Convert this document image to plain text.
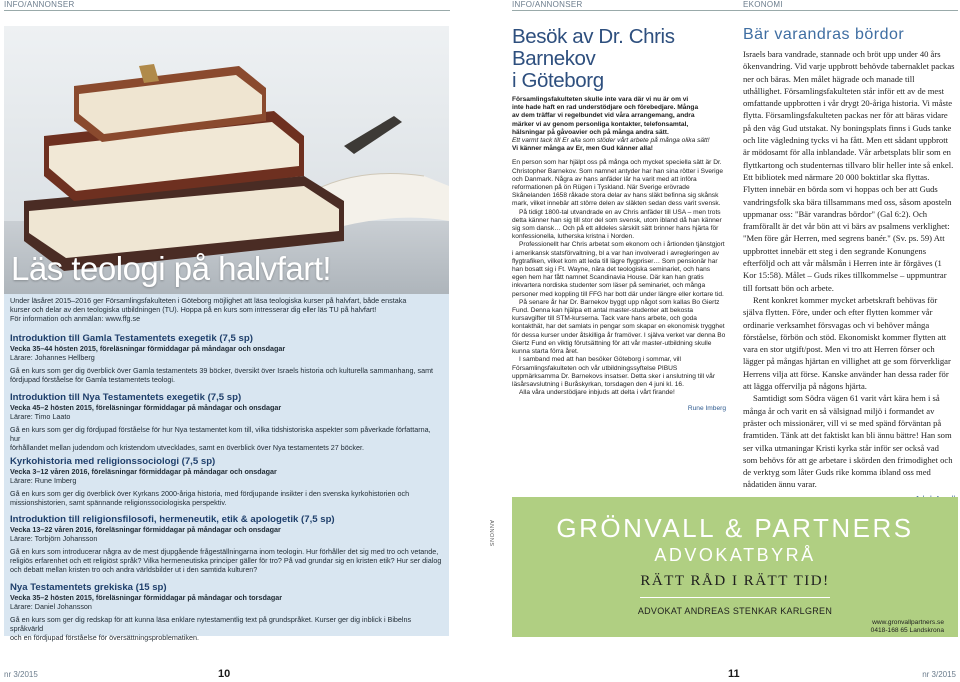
INFO/ANNONSER	INFO/ANNONSER	EKONOMI
Läs teologi på halvfart!
Under läsåret 2015–2016 ger Församlingsfakulteten i Göteborg möjlighet att läsa teologiska kurser på halvfart, både enstaka
kurser och delar av den teologiska utbildningen (TU). Hoppa på en kurs som intresserar dig eller läs TU på halvfart!
För information och anmälan: www.ffg.se
Introduktion till Gamla Testamentets exegetik (7,5 sp)
Vecka 35–44 hösten 2015, föreläsningar förmiddagar på måndagar och onsdagar
Lärare: Johannes Hellberg
Gå en kurs som ger dig överblick över Gamla testamentets 39 böcker, översikt över Israels historia och kulturella sammanhang, samt
fördjupad förståelse för Gamla testamentets teologi.
Introduktion till Nya Testamentets exegetik (7,5 sp)
Vecka 45–2 hösten 2015, föreläsningar förmiddagar på måndagar och onsdagar
Lärare: Timo Laato
Gå en kurs som ger dig fördjupad förståelse för hur Nya testamentet kom till, vilka tidshistoriska aspekter som påverkade författarna, hur
förhållandet mellan judendom och kristendom utvecklades, samt en överblick över Nya testamentets 27 böcker.
Kyrkohistoria med religionssociologi (7,5 sp)
Vecka 3–12 våren 2016, föreläsningar förmiddagar på måndagar och onsdagar
Lärare: Rune Imberg
Gå en kurs som ger dig överblick över Kyrkans 2000-åriga historia, med fördjupande insikter i den svenska kyrkohistorien och
missionshistorien, samt spännande religionssociologiska perspektiv.
Introduktion till religionsfilosofi, hermeneutik, etik & apologetik (7,5 sp)
Vecka 13–22 våren 2016, föreläsningar förmiddagar på måndagar och onsdagar
Lärare: Torbjörn Johansson
Gå en kurs som introducerar några av de mest djupgående frågeställningarna inom teologin. Hur förhåller det sig med tro och vetande,
religiös erfarenhet och ett religiöst språk? Vilka hermeneutiska principer gäller för tro? På vad grundar sig en kristen etik? Hur ser dialog
och debatt mellan kristen tro och andra världsbilder ut i den samtida kulturen?
Nya Testamentets grekiska (15 sp)
Vecka 35–2 hösten 2015, föreläsningar förmiddagar på måndagar och torsdagar
Lärare: Daniel Johansson
Gå en kurs som ger dig redskap för att kunna läsa enklare nytestamentlig text på grundspråket. Kurser ger dig inblick i Bibelns språkvärld
och en fördjupad förståelse för översättningsproblematiken.
Besök av Dr. Chris Barnekov
i Göteborg
Församlingsfakulteten skulle inte vara där vi nu är om vi
inte hade haft en rad understödjare och förebedjare. Många
av dem träffar vi regelbundet vid våra arrangemang, andra
märker vi av genom personliga kontakter, telefonsamtal,
hälsningar på gåvoavier och på många andra sätt.
Ett varmt tack till Er alla som stöder vårt arbete på många olika sätt!
Vi känner många av Er, men Gud känner alla!
En person som har hjälpt oss på många och mycket speciella sätt är Dr. Christopher Barnekov. Som namnet antyder har han sina rötter i Sverige och Danmark. Några av hans anfäder lär ha varit med att införa reformationen på ön Rügen i Tyskland. När Sverige erövrade Skånelanden 1658 råkade stora delar av hans släkt befinna sig skånsk mark, vilket innebär att större delen av släkten sedan dess varit svensk.
På tidigt 1800-tal utvandrade en av Chris anfäder till USA – men trots detta känner han sig till stor del som svensk, utom ibland då han känner sig som dansk… Och på ett alldeles särskilt sätt brinner hans hjärta för konfessionella, lutherska kristna i Norden.
Professionellt har Chris arbetat som ekonom och i årtionden tjänstgjort i amerikansk statsförvaltning, bl a var han involverad i avregleringen av flygtrafiken, vilket kom att leda till lägre flygpriser… Som pensionär har han bosatt sig i Ft. Wayne, nära det teologiska seminariet, och hans egen hem har fått namnet Scandinavia House. Där kan han gratis inkvartera nordiska studenter som läser på seminariet, och många personer med koppling till FFG har bott där under längre eller kortare tid.
På senare år har Dr. Barnekov byggt upp något som kallas Bo Giertz Fund. Denna kan hjälpa ett antal master-studenter att bekosta kursavgifter till STM-kurserna. Tack vare hans arbete, och goda kontakthät, har det samlats in pengar som skapar en ekonomisk trygghet för dessa kurser under åtskilliga år framöver. I själva verket var denna Bo Giertz Fund en viktig förutsättning för att vår master-utbildning skulle kunna starta förra året.
I samband med att han besöker Göteborg i sommar, vill Församlingsfakulteten och vår utbildningssyftelse PIBUS uppmärksamma Dr. Barnekovs insatser. Detta sker i anslutning till vår läsårsavslutning i Buråskyrkan, torsdagen den 4 juni kl. 16.
Alla våra understödjare inbjuds att delta i vårt firande!
Rune Imberg
Bär varandras bördor
Israels bara vandrade, stannade och bröt upp under 40 års ökenvandring. Vid varje uppbrott behövde tabernaklet packas ner och bäras. Men målet hägrade och manade till uthållighet. Församlingsfakulteten står inför ett av de mest omfattande uppbrotten i vår drygt 20-åriga historia. Vi måste flytta. Församlingsfakulteten packas ner för att bäras vidare på den väg Gud utstakat. Ny boningsplats finns i Guds tanke och lite vägledning tycks vi ha fått. Men ett sådant uppbrott är mödosamt för alla inblandade. Vår arbetsplats blir som en flyttkartong och studenternas tillvaro blir heller inte så enkel. Ett bibliotek med närmare 20 000 boktitlar ska flyttas. Flytten innebär en börda som vi hoppas och ber att Guds vandringsfolk ska bära tillsammans med oss, såsom aposteln uppmanar oss: "Bär varandras bördor" (Gal 6:2). Och framförallt är det vår bön att vi bärs av psalmens verklighet: "Men före går Herren, med segrens banér." (Sv. ps. 59) Att uppbrottet innebär ett steg i den segrande Konungens efterföljd och att vår målsmån i Herren inte är förgäves (1 Kor 15:58). Målet – Guds rikes tillkommelse – uppmuntrar till fortsatt bön och arbete.
Rent konkret kommer mycket arbetskraft behövas för själva flytten. Före, under och efter flytten kommer vår ordinarie verksamhet försvagas och vi behöver många förståelse, förbön och stöd. Ekonomiskt kommer flytten att vara en stor utgift/post. Men vi tro att Herren förser och lägger på mångas hjärtan en villighet att ge som förverkligar Herrens vilja att förse. Kanske använder han dessa rader för att lägga offervilja på någons hjärta.
Samtidigt som Södra vägen 61 varit vårt kära hem i så många år och varit en så välsignad miljö i formandet av präster och missionärer, vill vi se med spänd förväntan på framtiden. Tänk att det faktiskt kan bli ännu bättre! Han som ser vilka utmaningar Kristi kyrka står inför ser också vad som behövs för att ge arbetare i skörden den frimodighet och de verktyg som låter Guds rike komma ibland oss med nådatiden ännu varar.
ANNONS	GRÖNVALL & PARTNERS
ADVOKATBYRÅ
RÄTT RÅD I RÄTT TID!
ADVOKAT ANDREAS STENKAR KARLGREN
www.gronvallpartners.se
0418-168 65 Landskrona
nr 3/2015	10	11	nr 3/2015
